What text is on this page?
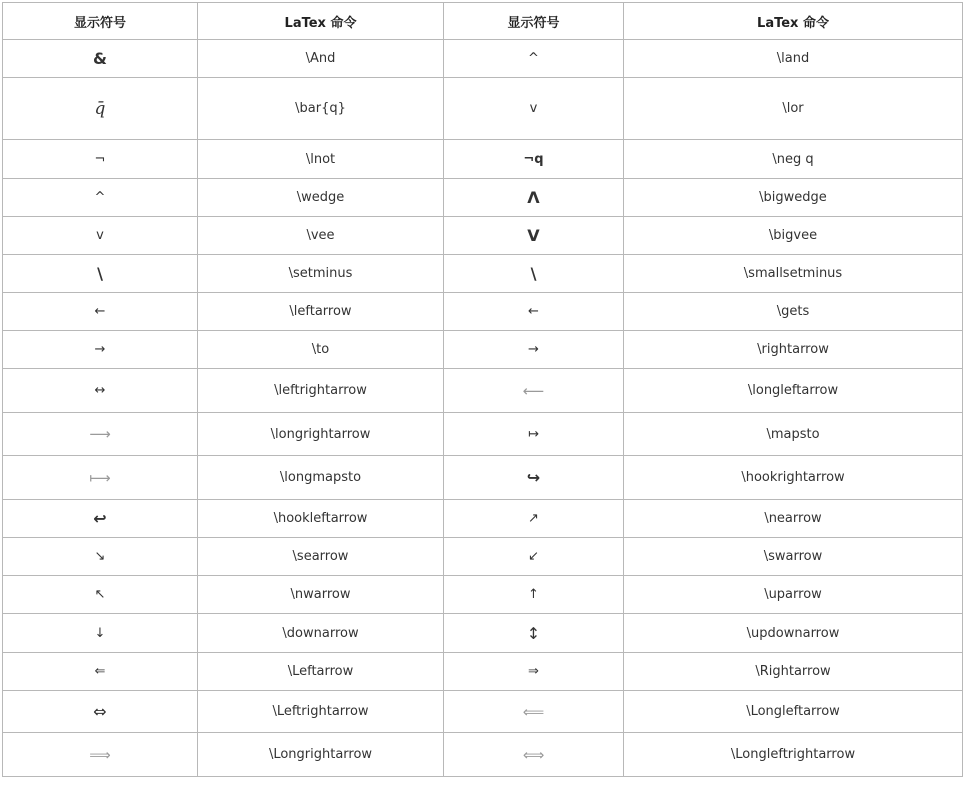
显示符号	LaTex 命令	显示符号	LaTex 命令
&	\And	^	\land
q̄	\bar{q}	v	\lor
¬	\lnot	¬q	\neg q
^	\wedge	Λ	\bigwedge
v	\vee	V	\bigvee
\	\setminus	\	\smallsetminus
←	\leftarrow	←	\gets
→	\to	→	\rightarrow
↔	\leftrightarrow	⟵	\longleftarrow
⟶	\longrightarrow	↦	\mapsto
⟼	\longmapsto	↪	\hookrightarrow
↩	\hookleftarrow	↗	\nearrow
↘	\searrow	↙	\swarrow
↖	\nwarrow	↑	\uparrow
↓	\downarrow	↕	\updownarrow
⇐	\Leftarrow	⇒	\Rightarrow
⇔	\Leftrightarrow	⟸	\Longleftarrow
⟹	\Longrightarrow	⟺	\Longleftrightarrow
